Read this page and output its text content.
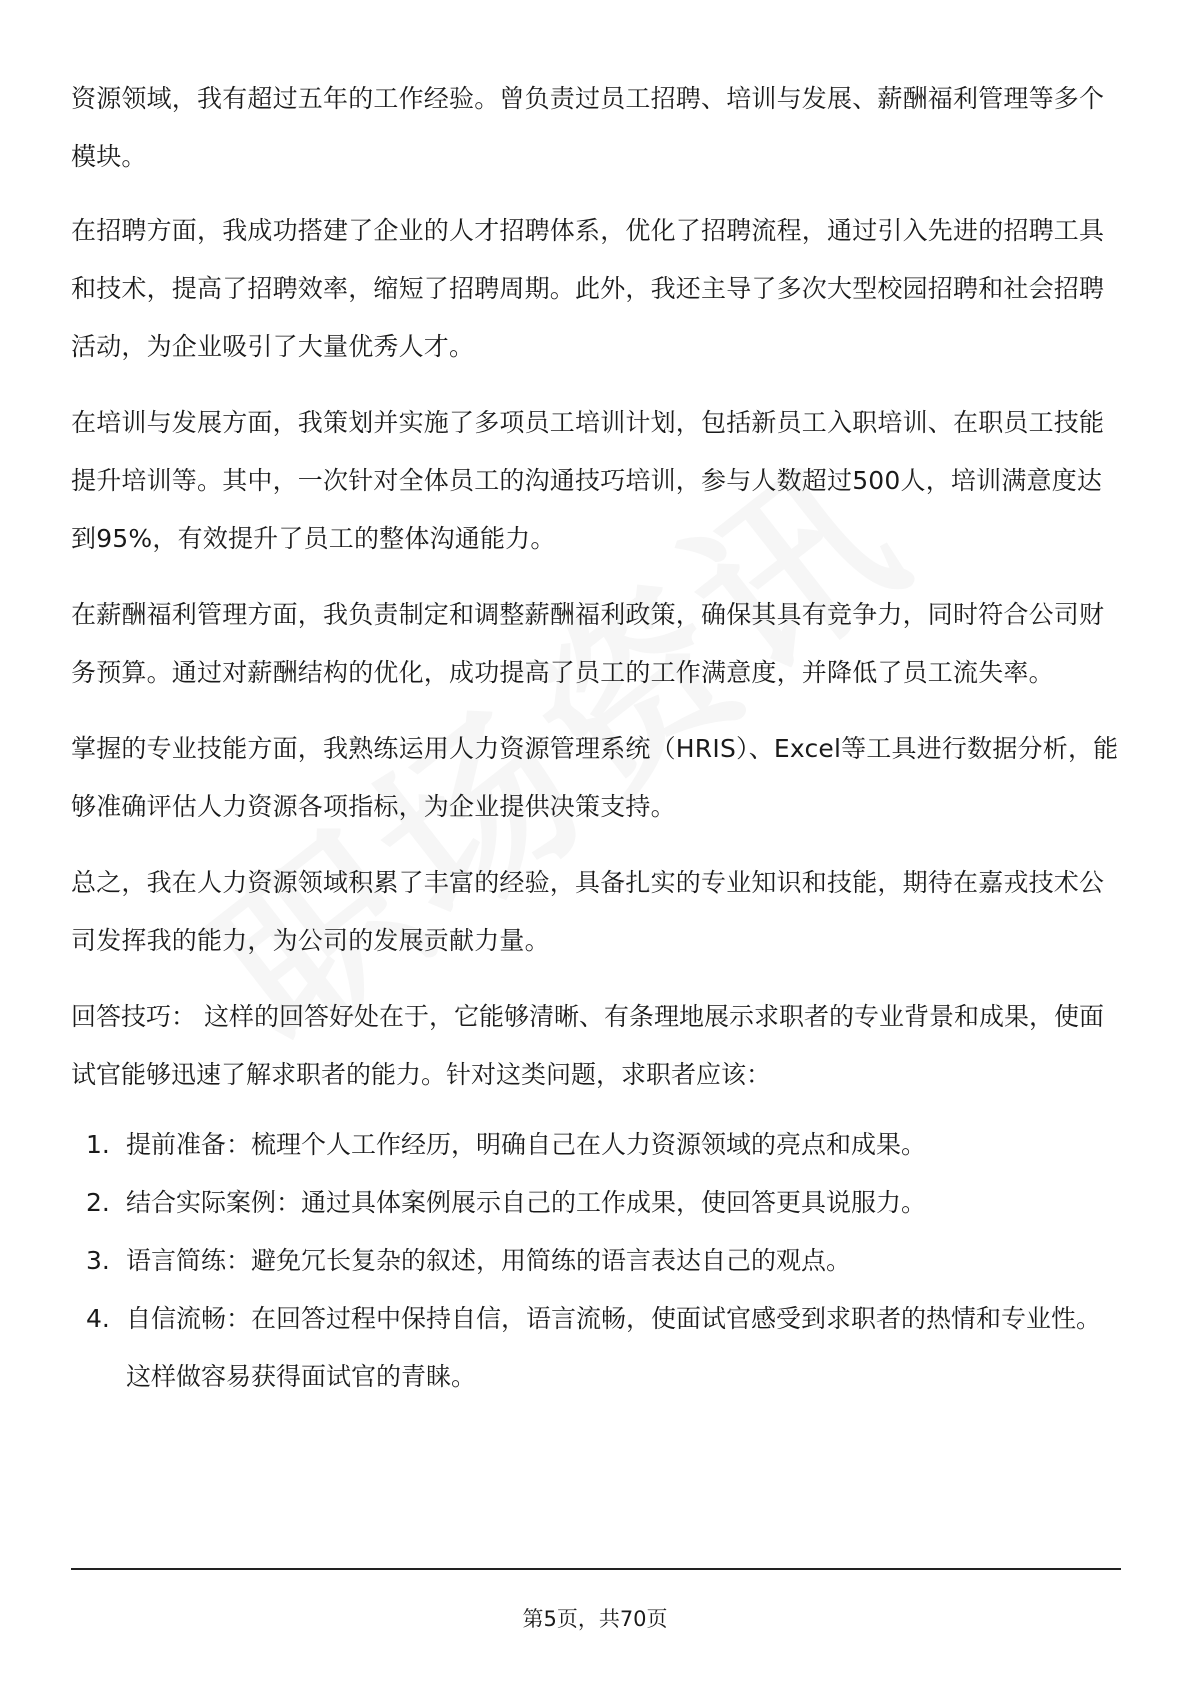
资源领域，我有超过五年的工作经验。曾负责过员工招聘、培训与发展、薪酬福利管理等多个模块。

在招聘方面，我成功搭建了企业的人才招聘体系，优化了招聘流程，通过引入先进的招聘工具和技术，提高了招聘效率，缩短了招聘周期。此外，我还主导了多次大型校园招聘和社会招聘活动，为企业吸引了大量优秀人才。

在培训与发展方面，我策划并实施了多项员工培训计划，包括新员工入职培训、在职员工技能提升培训等。其中，一次针对全体员工的沟通技巧培训，参与人数超过500人，培训满意度达到95%，有效提升了员工的整体沟通能力。

在薪酬福利管理方面，我负责制定和调整薪酬福利政策，确保其具有竞争力，同时符合公司财务预算。通过对薪酬结构的优化，成功提高了员工的工作满意度，并降低了员工流失率。

掌握的专业技能方面，我熟练运用人力资源管理系统（HRIS）、Excel等工具进行数据分析，能够准确评估人力资源各项指标，为企业提供决策支持。

总之，我在人力资源领域积累了丰富的经验，具备扎实的专业知识和技能，期待在嘉戎技术公司发挥我的能力，为公司的发展贡献力量。

回答技巧： 这样的回答好处在于，它能够清晰、有条理地展示求职者的专业背景和成果，使面试官能够迅速了解求职者的能力。针对这类问题，求职者应该：

1. 提前准备：梳理个人工作经历，明确自己在人力资源领域的亮点和成果。
2. 结合实际案例：通过具体案例展示自己的工作成果，使回答更具说服力。
3. 语言简练：避免冗长复杂的叙述，用简练的语言表达自己的观点。
4. 自信流畅：在回答过程中保持自信，语言流畅，使面试官感受到求职者的热情和专业性。这样做容易获得面试官的青睐。
第5页，共70页
